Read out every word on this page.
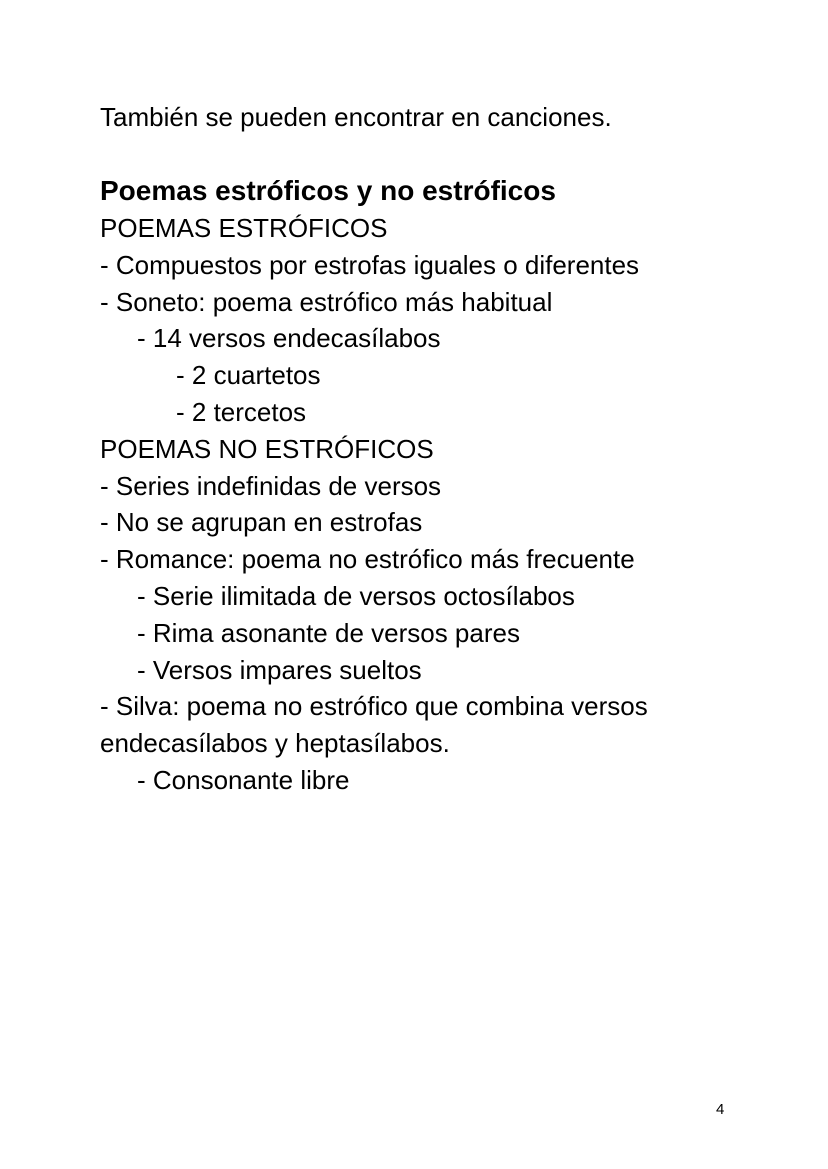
También se pueden encontrar en canciones.

Poemas estróficos y no estróficos

POEMAS ESTRÓFICOS

- Compuestos por estrofas iguales o diferentes

- Soneto: poema estrófico más habitual

- 14 versos endecasílabos

- 2 cuartetos

- 2 tercetos

POEMAS NO ESTRÓFICOS

- Series indefinidas de versos

- No se agrupan en estrofas

- Romance: poema no estrófico más frecuente

- Serie ilimitada de versos octosílabos

- Rima asonante de versos pares

- Versos impares sueltos

- Silva: poema no estrófico que combina versos endecasílabos y heptasílabos.

- Consonante libre

4
